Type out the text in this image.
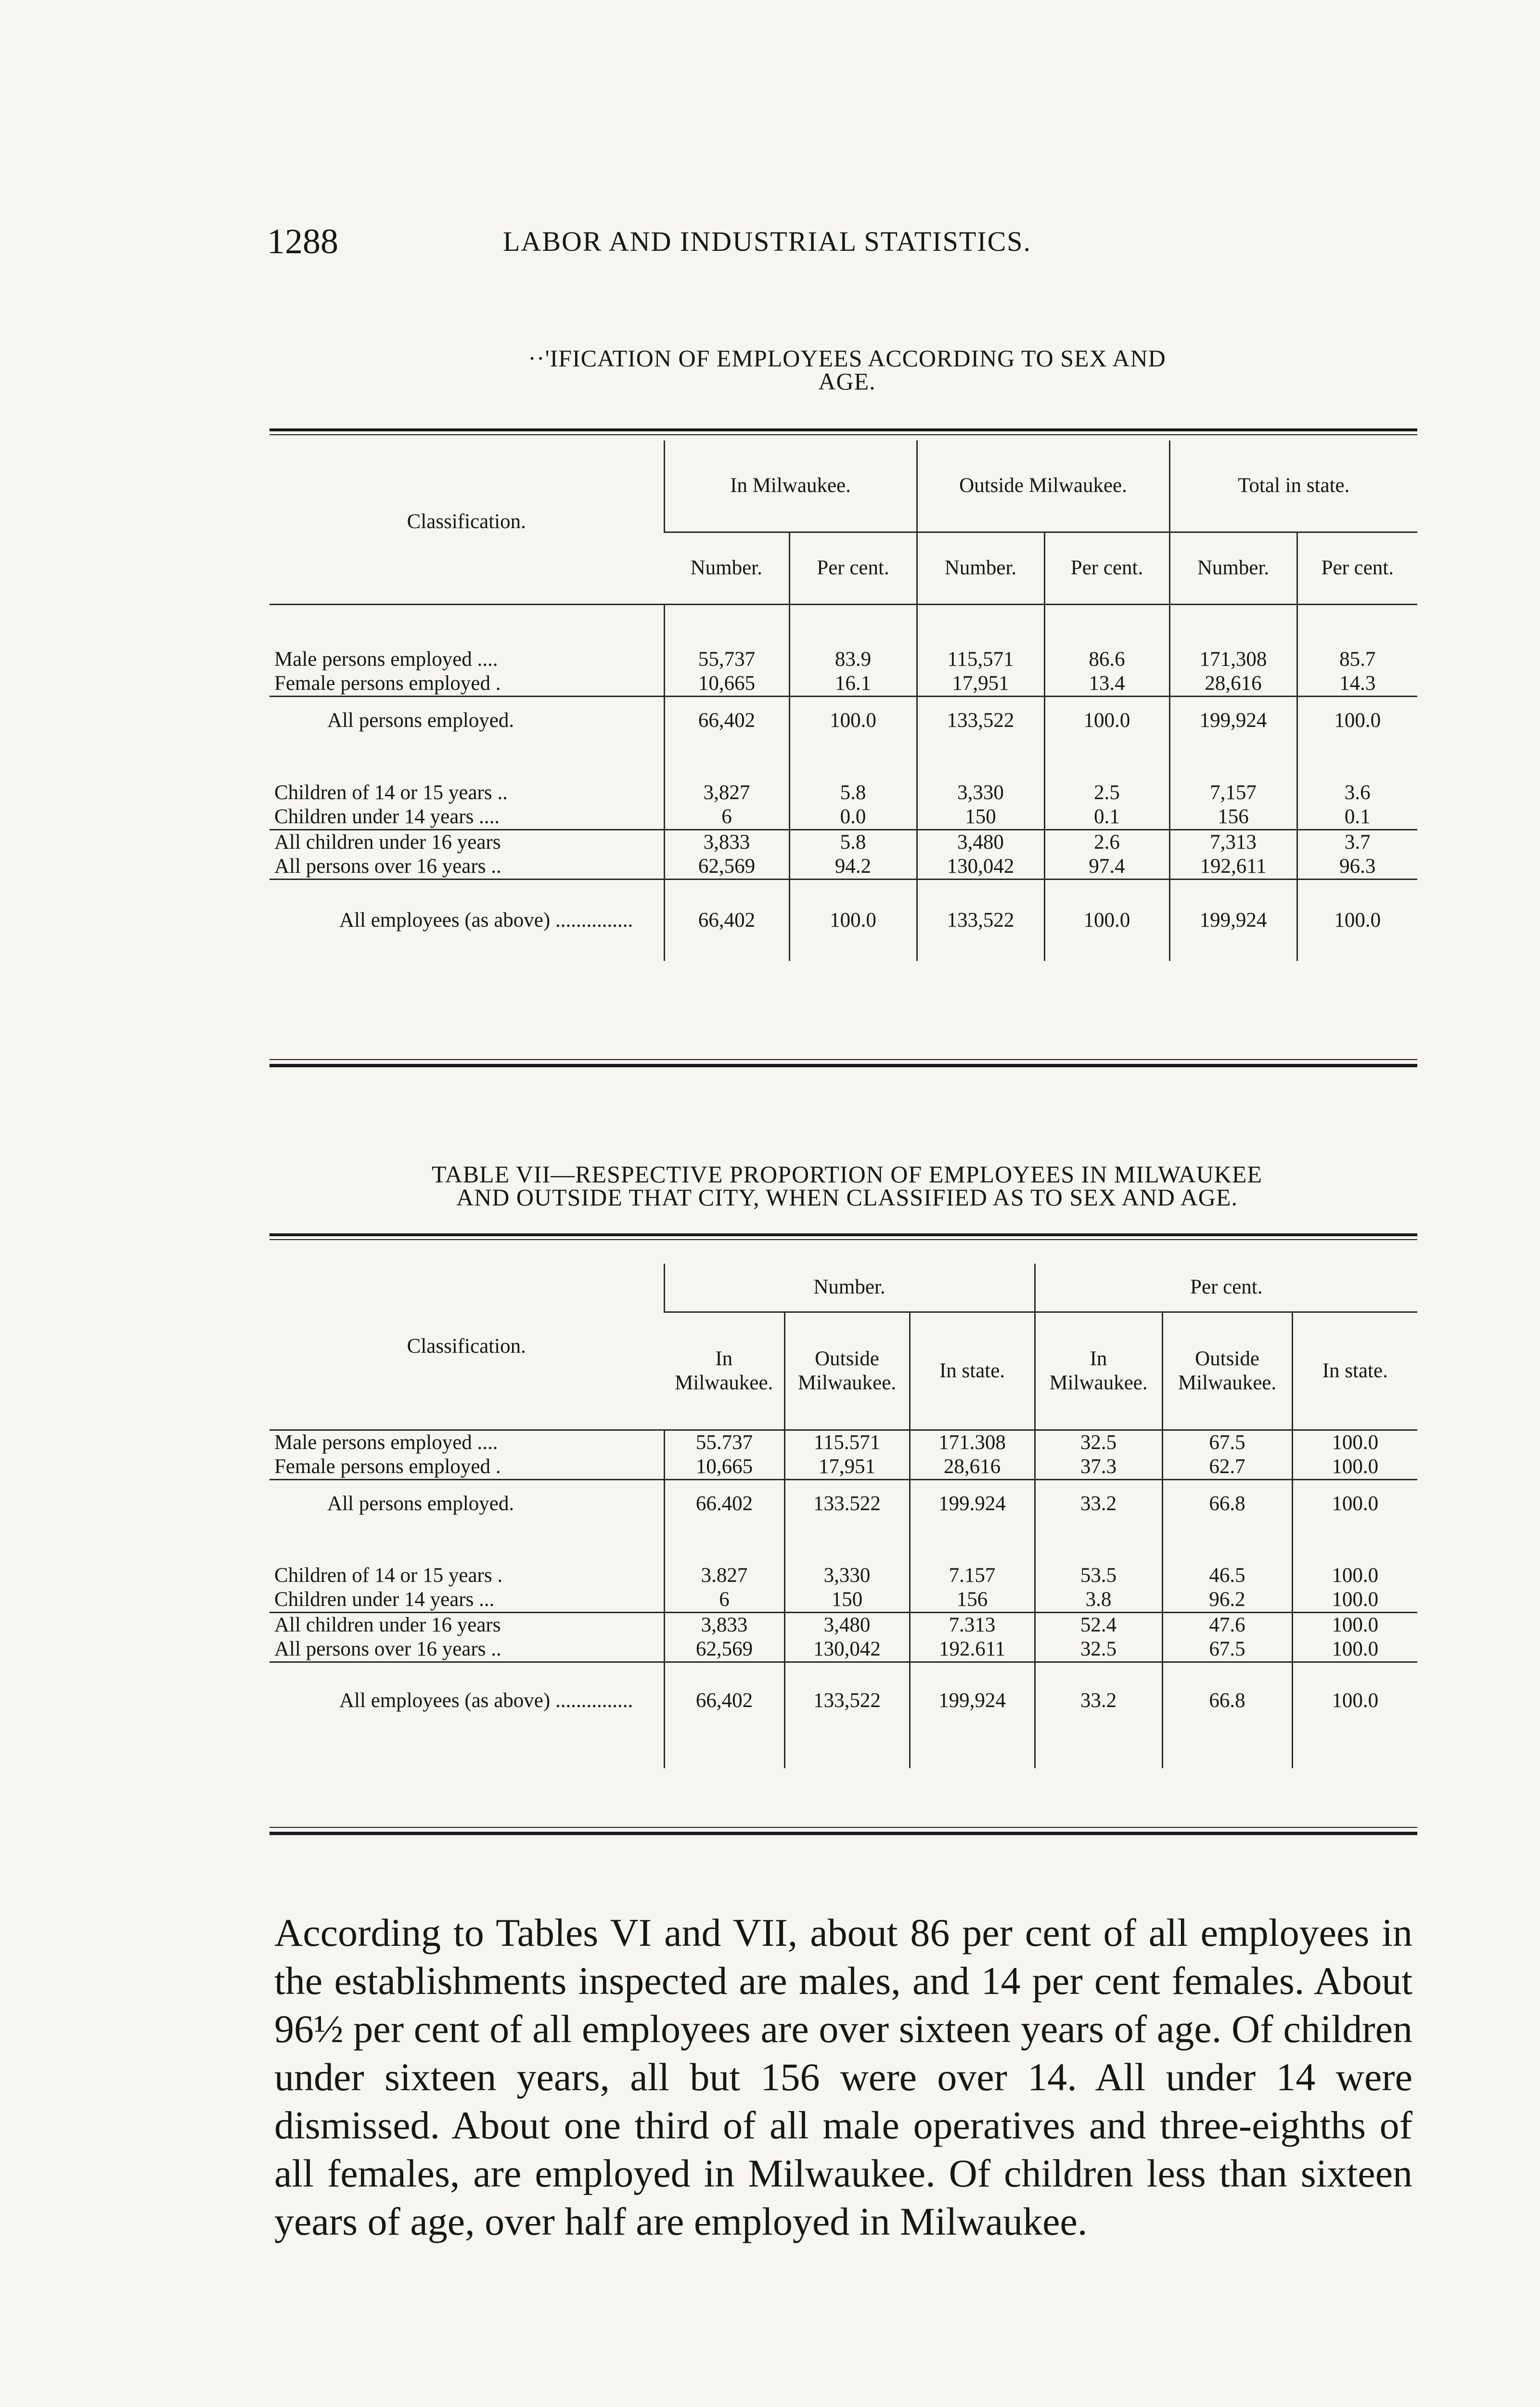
1288	LABOR AND INDUSTRIAL STATISTICS.
··'IFICATION OF EMPLOYEES ACCORDING TO SEX AND
AGE.
Classification.	In Milwaukee.		Outside Milwaukee.		Total in state.	
	Number.	Per cent.	Number.	Per cent.	Number.	Per cent.

Male persons employed ....	55,737	83.9	115,571	86.6	171,308	85.7
Female persons employed .	10,665	16.1	17,951	13.4	28,616	14.3
All persons employed.	66,402	100.0	133,522	100.0	199,924	100.0

Children of 14 or 15 years ..	3,827	5.8	3,330	2.5	7,157	3.6
Children under 14 years ....	6	0.0	150	0.1	156	0.1
All children under 16 years	3,833	5.8	3,480	2.6	7,313	3.7
All persons over 16 years ..	62,569	94.2	130,042	97.4	192,611	96.3
All employees (as above) ...............	66,402	100.0	133,522	100.0	199,924	100.0
TABLE VII—RESPECTIVE PROPORTION OF EMPLOYEES IN MILWAUKEE
AND OUTSIDE THAT CITY, WHEN CLASSIFIED AS TO SEX AND AGE.
Classification.	Number.			Per cent.		
	In Milwaukee.	Outside Milwaukee.	In state.	In Milwaukee.	Outside Milwaukee.	In state.
Male persons employed ....	55.737	115.571	171.308	32.5	67.5	100.0
Female persons employed .	10,665	17,951	28,616	37.3	62.7	100.0
All persons employed.	66.402	133.522	199.924	33.2	66.8	100.0

Children of 14 or 15 years .	3.827	3,330	7.157	53.5	46.5	100.0
Children under 14 years ...	6	150	156	3.8	96.2	100.0
All children under 16 years	3,833	3,480	7.313	52.4	47.6	100.0
All persons over 16 years ..	62,569	130,042	192.611	32.5	67.5	100.0
All employees (as above) ...............	66,402	133,522	199,924	33.2	66.8	100.0

According to Tables VI and VII, about 86 per cent of all employees in the establishments inspected are males, and 14 per cent females. About 96½ per cent of all employees are over sixteen years of age. Of children under sixteen years, all but 156 were over 14. All under 14 were dismissed. About one third of all male operatives and three-eighths of all females, are employed in Milwaukee. Of children less than sixteen years of age, over half are employed in Milwaukee.
